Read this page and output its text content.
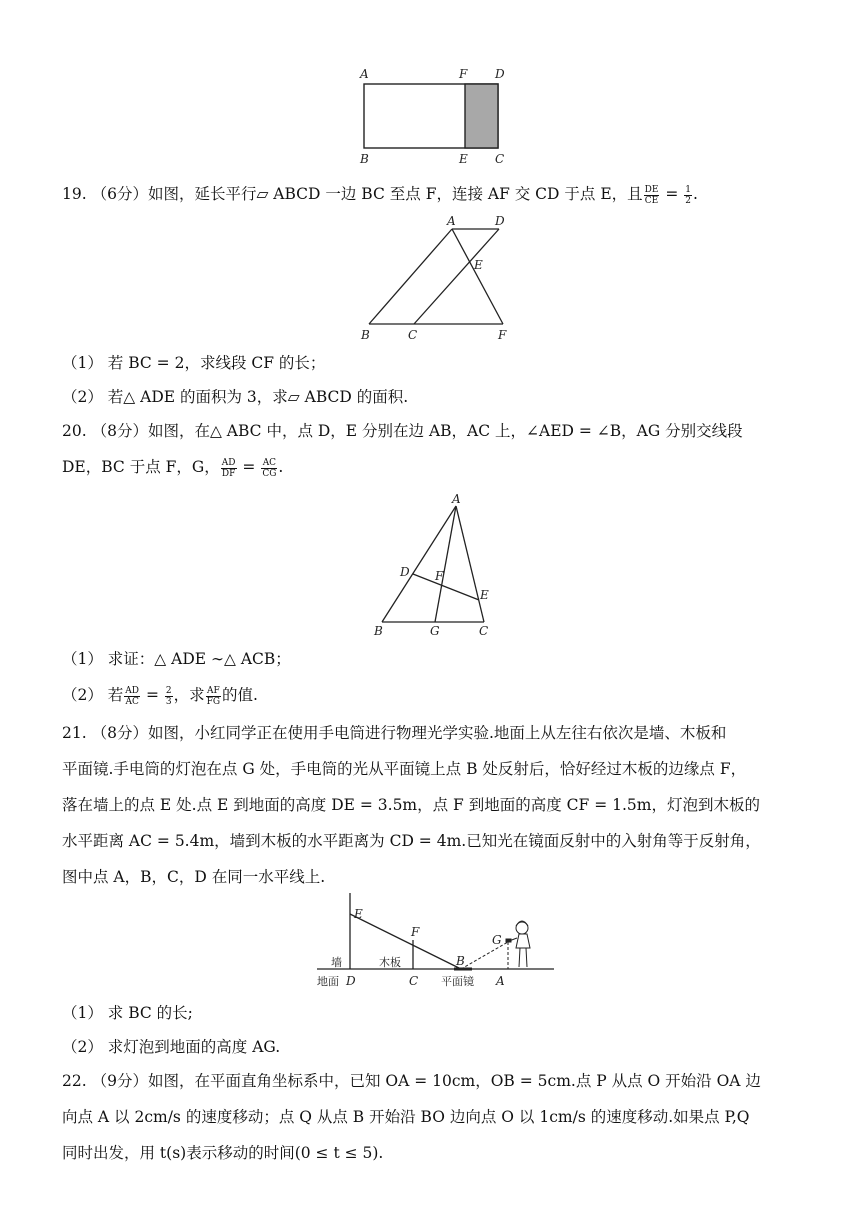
A	F D
B	E C
19. （6分）如图，延长平行▱ ABCD 一边 BC 至点 F，连接 AF 交 CD 于点 E，且 $\frac{DE}{CE} = \frac{1}{2}$ .
A	D
E
B	C	F
（1） 若 BC = 2，求线段 CF 的长；
（2） 若△ ADE 的面积为 3，求▱ ABCD 的面积.
20. （8分）如图，在△ ABC 中，点 D，E 分别在边 AB，AC 上，∠AED = ∠B，AG 分别交线段
DE，BC 于点 F，G， $\frac{AD}{DF} = \frac{AC}{CG}$ .
A
D F
E
B	G	C
（1） 求证：△ ADE ∼△ ACB；
（2） 若 $\frac{AD}{AC} = \frac{2}{3}$ ，求 $\frac{AF}{FG}$ 的值.
21. （8分）如图，小红同学正在使用手电筒进行物理光学实验.地面上从左往右依次是墙、木板和
平面镜.手电筒的灯泡在点 G 处，手电筒的光从平面镜上点 B 处反射后，恰好经过木板的边缘点 F，
落在墙上的点 E 处.点 E 到地面的高度 DE = 3.5m，点 F 到地面的高度 CF = 1.5m，灯泡到木板的
水平距离 AC = 5.4m，墙到木板的水平距离为 CD = 4m.已知光在镜面反射中的入射角等于反射角，
图中点 A，B，C，D 在同一水平线上.
E
F
G
B
墙	木板
地面 D	C 平面镜 A
（1） 求 BC 的长;
（2） 求灯泡到地面的高度 AG.
22. （9分）如图，在平面直角坐标系中，已知 OA = 10cm，OB = 5cm.点 P 从点 O 开始沿 OA 边
向点 A 以 2cm/s 的速度移动；点 Q 从点 B 开始沿 BO 边向点 O 以 1cm/s 的速度移动.如果点 P,Q
同时出发，用 t(s)表示移动的时间(0 ≤ t ≤ 5).
